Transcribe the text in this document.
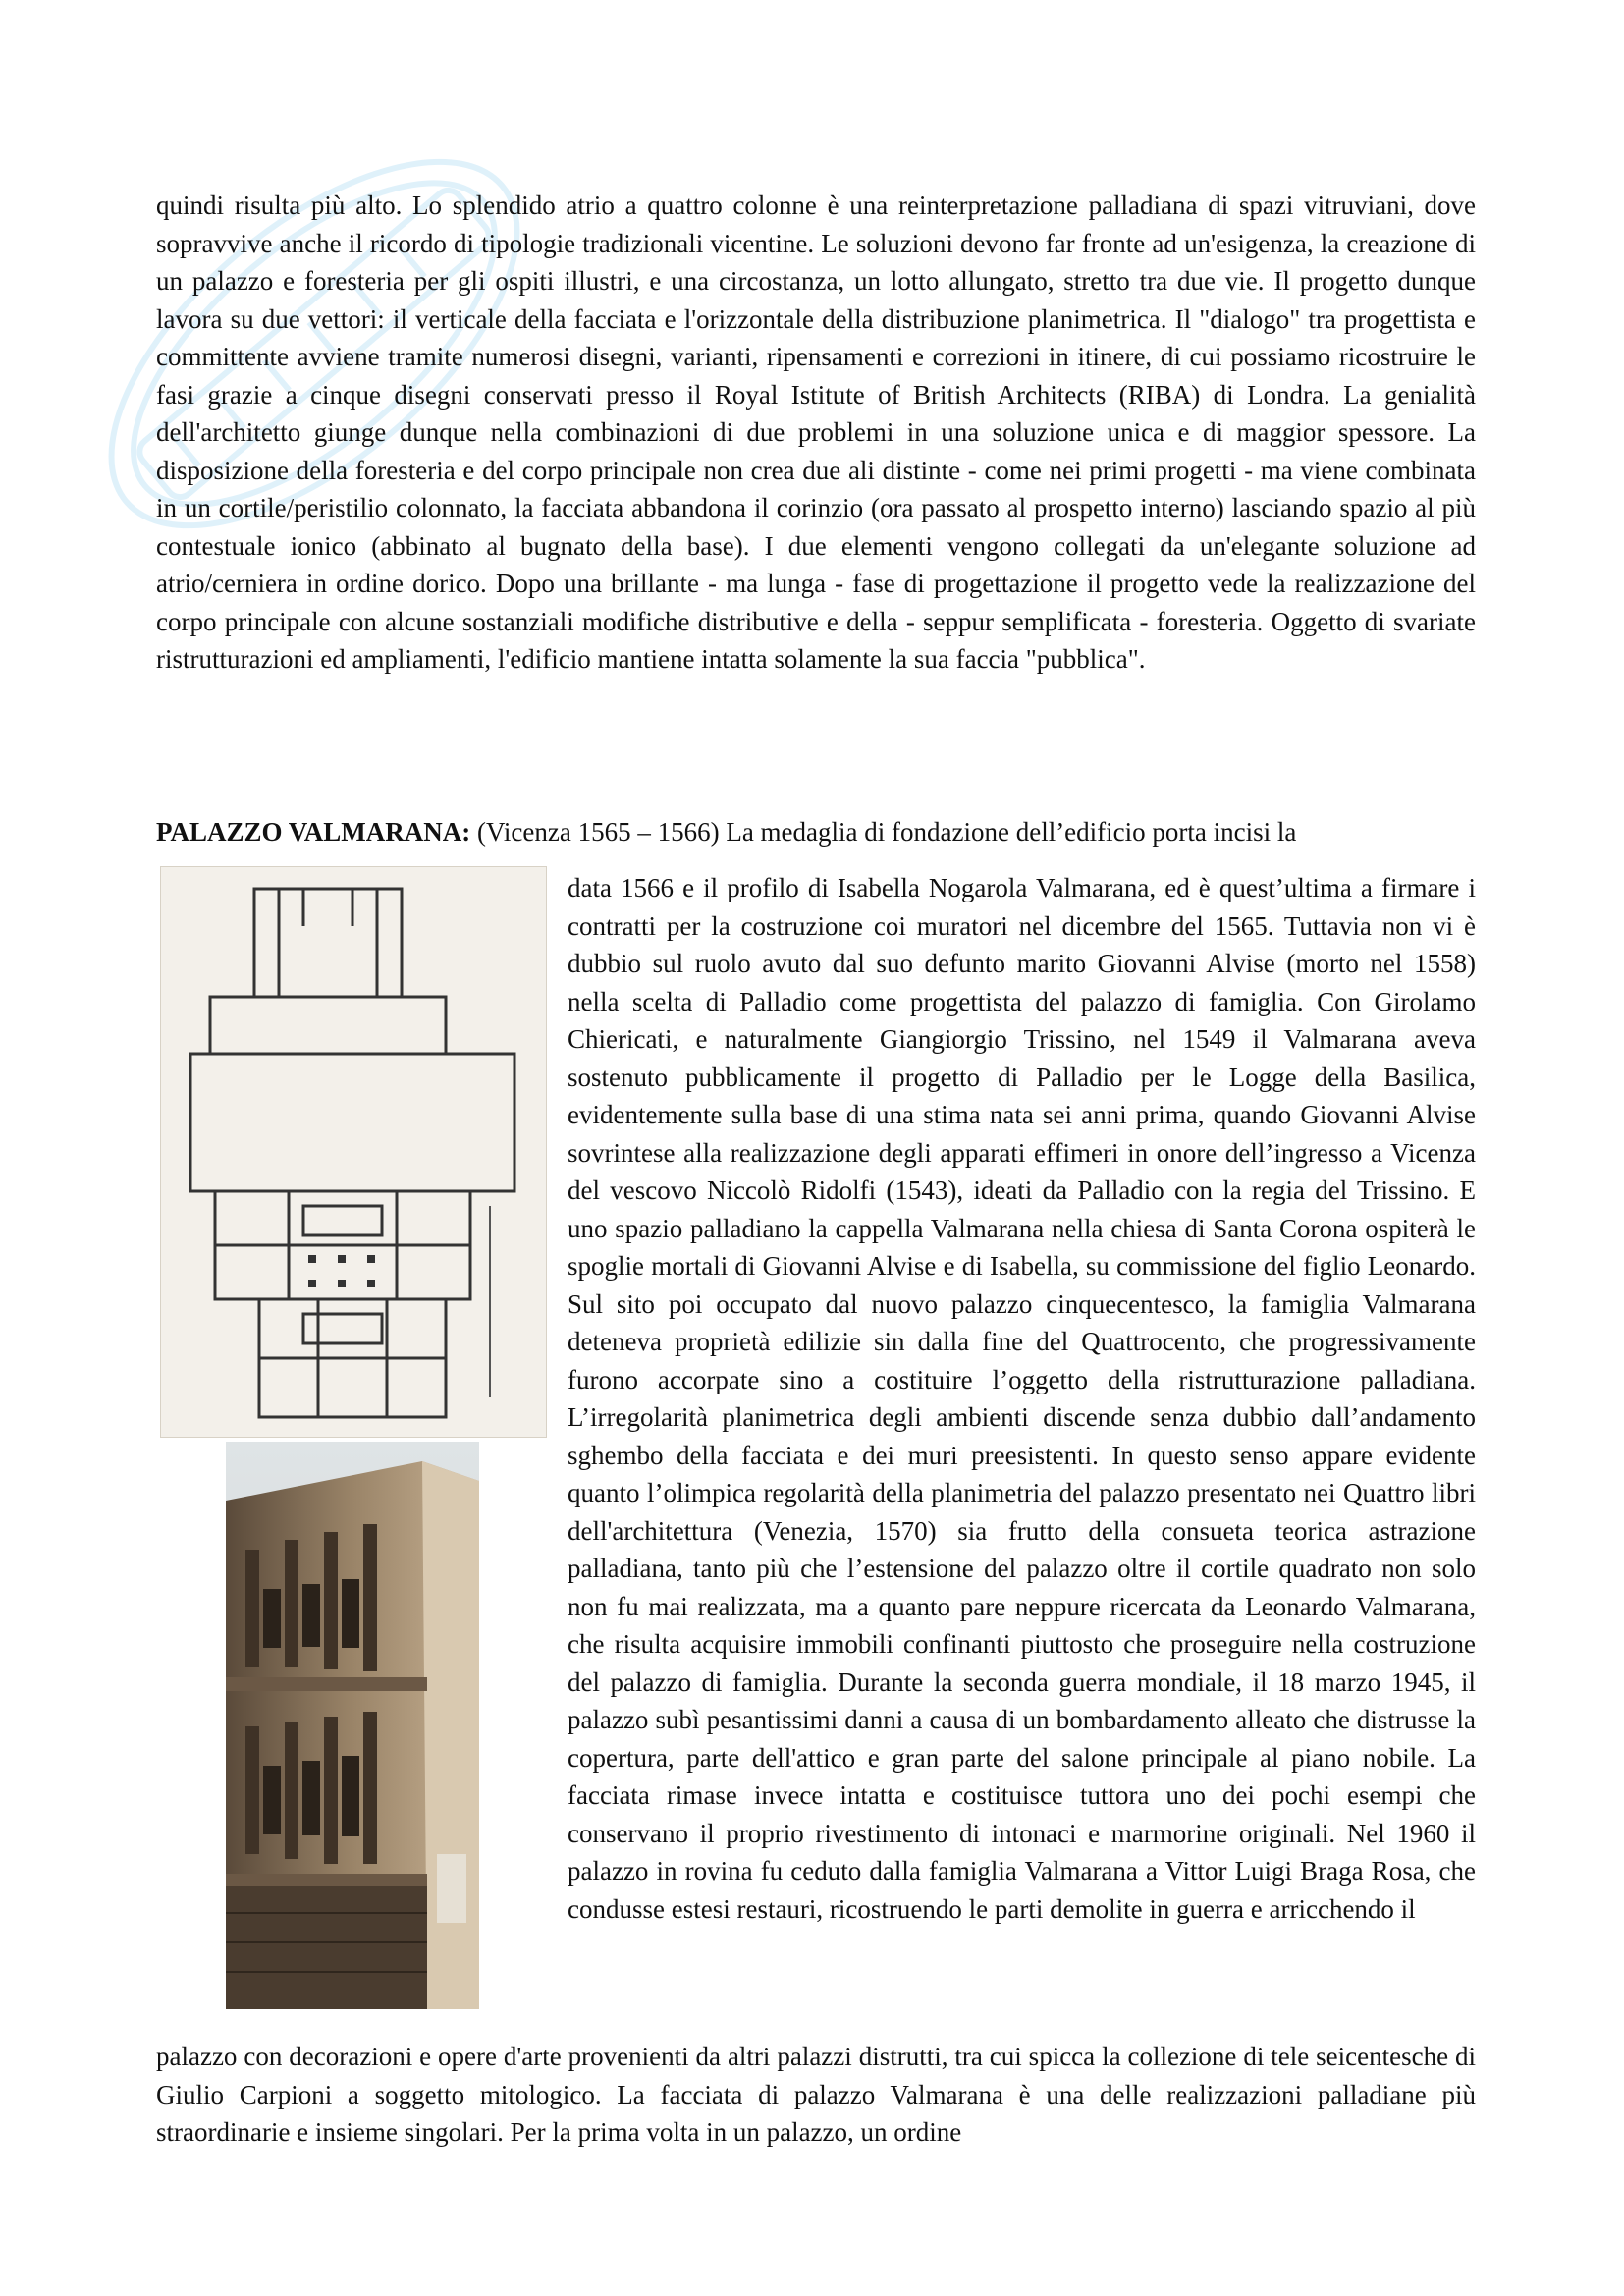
quindi risulta più alto. Lo splendido atrio a quattro colonne è una reinterpretazione palladiana di spazi vitruviani, dove sopravvive anche il ricordo di tipologie tradizionali vicentine. Le soluzioni devono far fronte ad un'esigenza, la creazione di un palazzo e foresteria per gli ospiti illustri, e una circostanza, un lotto allungato, stretto tra due vie. Il progetto dunque lavora su due vettori: il verticale della facciata e l'orizzontale della distribuzione planimetrica. Il "dialogo" tra progettista e committente avviene tramite numerosi disegni, varianti, ripensamenti e correzioni in itinere, di cui possiamo ricostruire le fasi grazie a cinque disegni conservati presso il Royal Istitute of British Architects (RIBA) di Londra. La genialità dell'architetto giunge dunque nella combinazioni di due problemi in una soluzione unica e di maggior spessore. La disposizione della foresteria e del corpo principale non crea due ali distinte - come nei primi progetti - ma viene combinata in un cortile/peristilio colonnato, la facciata abbandona il corinzio (ora passato al prospetto interno) lasciando spazio al più contestuale ionico (abbinato al bugnato della base). I due elementi vengono collegati da un'elegante soluzione ad atrio/cerniera in ordine dorico. Dopo una brillante - ma lunga - fase di progettazione il progetto vede la realizzazione del corpo principale con alcune sostanziali modifiche distributive e della - seppur semplificata - foresteria. Oggetto di svariate ristrutturazioni ed ampliamenti, l'edificio mantiene intatta solamente la sua faccia "pubblica".
PALAZZO VALMARANA: (Vicenza 1565 – 1566) La medaglia di fondazione dell’edificio porta incisi la
data 1566 e il profilo di Isabella Nogarola Valmarana, ed è quest’ultima a firmare i contratti per la costruzione coi muratori nel dicembre del 1565. Tuttavia non vi è dubbio sul ruolo avuto dal suo defunto marito Giovanni Alvise (morto nel 1558) nella scelta di Palladio come progettista del palazzo di famiglia. Con Girolamo Chiericati, e naturalmente Giangiorgio Trissino, nel 1549 il Valmarana aveva sostenuto pubblicamente il progetto di Palladio per le Logge della Basilica, evidentemente sulla base di una stima nata sei anni prima, quando Giovanni Alvise sovrintese alla realizzazione degli apparati effimeri in onore dell’ingresso a Vicenza del vescovo Niccolò Ridolfi (1543), ideati da Palladio con la regia del Trissino. E uno spazio palladiano la cappella Valmarana nella chiesa di Santa Corona ospiterà le spoglie mortali di Giovanni Alvise e di Isabella, su commissione del figlio Leonardo. Sul sito poi occupato dal nuovo palazzo cinquecentesco, la famiglia Valmarana deteneva proprietà edilizie sin dalla fine del Quattrocento, che progressivamente furono accorpate sino a costituire l’oggetto della ristrutturazione palladiana. L’irregolarità planimetrica degli ambienti discende senza dubbio dall’andamento sghembo della facciata e dei muri preesistenti. In questo senso appare evidente quanto l’olimpica regolarità della planimetria del palazzo presentato nei Quattro libri dell'architettura (Venezia, 1570) sia frutto della consueta teorica astrazione palladiana, tanto più che l’estensione del palazzo oltre il cortile quadrato non solo non fu mai realizzata, ma a quanto pare neppure ricercata da Leonardo Valmarana, che risulta acquisire immobili confinanti piuttosto che proseguire nella costruzione del palazzo di famiglia. Durante la seconda guerra mondiale, il 18 marzo 1945, il palazzo subì pesantissimi danni a causa di un bombardamento alleato che distrusse la copertura, parte dell'attico e gran parte del salone principale al piano nobile. La facciata rimase invece intatta e costituisce tuttora uno dei pochi esempi che conservano il proprio rivestimento di intonaci e marmorine originali. Nel 1960 il palazzo in rovina fu ceduto dalla famiglia Valmarana a Vittor Luigi Braga Rosa, che condusse estesi restauri, ricostruendo le parti demolite in guerra e arricchendo il
palazzo con decorazioni e opere d'arte provenienti da altri palazzi distrutti, tra cui spicca la collezione di tele seicentesche di Giulio Carpioni a soggetto mitologico. La facciata di palazzo Valmarana è una delle realizzazioni palladiane più straordinarie e insieme singolari. Per la prima volta in un palazzo, un ordine
